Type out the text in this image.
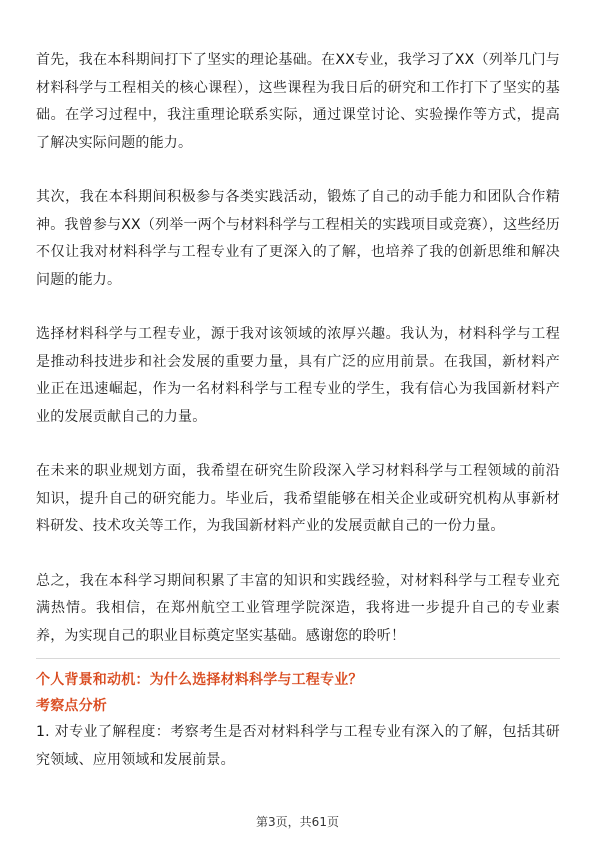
首先，我在本科期间打下了坚实的理论基础。在XX专业，我学习了XX（列举几门与材料科学与工程相关的核心课程），这些课程为我日后的研究和工作打下了坚实的基础。在学习过程中，我注重理论联系实际，通过课堂讨论、实验操作等方式，提高了解决实际问题的能力。

其次，我在本科期间积极参与各类实践活动，锻炼了自己的动手能力和团队合作精神。我曾参与XX（列举一两个与材料科学与工程相关的实践项目或竞赛），这些经历不仅让我对材料科学与工程专业有了更深入的了解，也培养了我的创新思维和解决问题的能力。

选择材料科学与工程专业，源于我对该领域的浓厚兴趣。我认为，材料科学与工程是推动科技进步和社会发展的重要力量，具有广泛的应用前景。在我国，新材料产业正在迅速崛起，作为一名材料科学与工程专业的学生，我有信心为我国新材料产业的发展贡献自己的力量。

在未来的职业规划方面，我希望在研究生阶段深入学习材料科学与工程领域的前沿知识，提升自己的研究能力。毕业后，我希望能够在相关企业或研究机构从事新材料研发、技术攻关等工作，为我国新材料产业的发展贡献自己的一份力量。

总之，我在本科学习期间积累了丰富的知识和实践经验，对材料科学与工程专业充满热情。我相信，在郑州航空工业管理学院深造，我将进一步提升自己的专业素养，为实现自己的职业目标奠定坚实基础。感谢您的聆听！

个人背景和动机：为什么选择材料科学与工程专业？
考察点分析

1. 对专业了解程度：考察考生是否对材料科学与工程专业有深入的了解，包括其研究领域、应用领域和发展前景。

第3页，共61页
